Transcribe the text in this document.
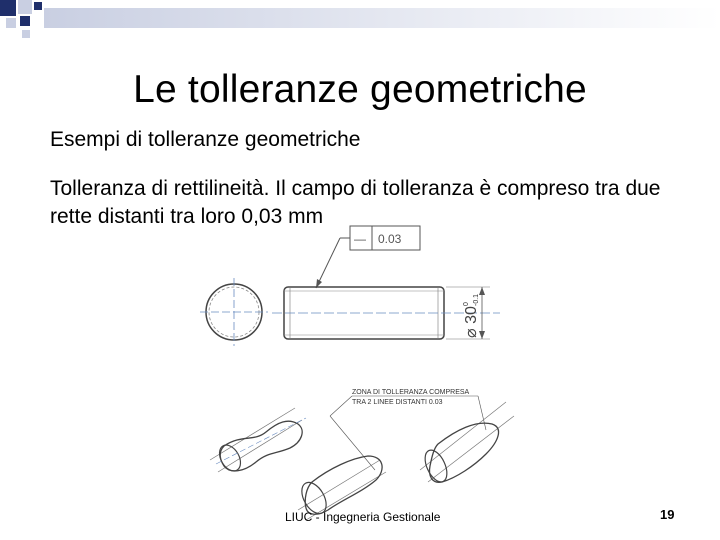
Le tolleranze geometriche
Esempi di tolleranze geometriche
Tolleranza di rettilineità. Il campo di tolleranza è compreso tra due rette distanti tra loro 0,03 mm
— 0.03
⌀ 30
0 -0.1
ZONA DI TOLLERANZA COMPRESA
TRA 2 LINEE DISTANTI 0.03
LIUC - Ingegneria Gestionale	19
